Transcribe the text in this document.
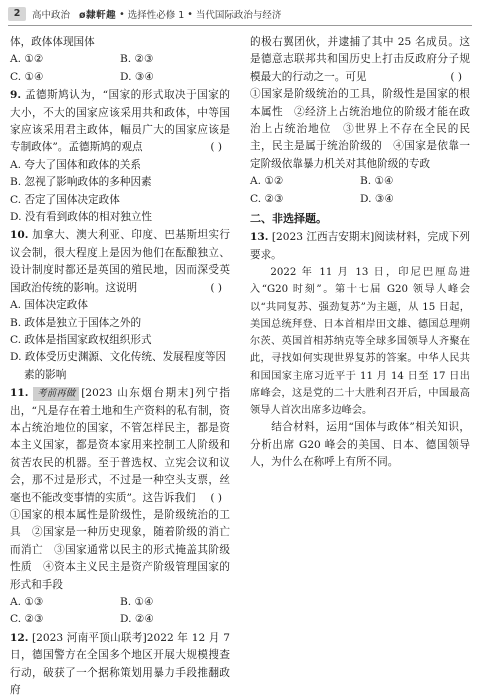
2	高中政治
ø隸軒趣 • 选择性必修 1 • 当代国际政治与经济

体，政体体现国体

A. ①②	B. ②③

C. ①④	D. ③④

9. 孟德斯鸠认为，“国家的形式取决于国家的大小，不大的国家应该采用共和政体，中等国家应该采用君主政体，幅员广大的国家应该是专制政体”。孟德斯鸠的观点	( )

A. 夸大了国体和政体的关系

B. 忽视了影响政体的多种因素

C. 否定了国体决定政体

D. 没有看到政体的相对独立性

10. 加拿大、澳大利亚、印度、巴基斯坦实行议会制，很大程度上是因为他们在酝酿独立、设计制度时都还是英国的殖民地，因而深受英国政治传统的影响。这说明	( )

A. 国体决定政体

B. 政体是独立于国体之外的

C. 政体是指国家政权组织形式

D. 政体受历史渊源、文化传统、发展程度等因素的影响

11. 考前再做 [2023 山东烟台期末]列宁指出，“凡是存在着土地和生产资料的私有制，资本占统治地位的国家，不管怎样民主，都是资本主义国家，都是资本家用来控制工人阶级和贫苦农民的机器。至于普选权、立宪会议和议会，那不过是形式，不过是一种空头支票，丝毫也不能改变事情的实质”。这告诉我们 ( )

①国家的根本属性是阶级性，是阶级统治的工具　②国家是一种历史现象，随着阶级的消亡而消亡　③国家通常以民主的形式掩盖其阶级性质　④资本主义民主是资产阶级管理国家的形式和手段

A. ①③	B. ①④

C. ②③	D. ②④

12. [2023 河南平顶山联考]2022 年 12 月 7 日，德国警方在全国多个地区开展大规模搜查行动，破获了一个据称策划用暴力手段推翻政府

的极右翼团伙，并逮捕了其中 25 名成员。这是德意志联邦共和国历史上打击反政府分子规模最大的行动之一。可见	( )

①国家是阶级统治的工具，阶级性是国家的根本属性　②经济上占统治地位的阶级才能在政治上占统治地位　③世界上不存在全民的民主，民主是属于统治阶级的　④国家是依靠一定阶级依靠暴力机关对其他阶级的专政

A. ①②	B. ①④

C. ②③	D. ③④

二、非选择题。

13. [2023 江西吉安期末]阅读材料，完成下列要求。

2022 年 11 月 13 日，印尼巴厘岛进入“G20 时刻”。第十七届 G20 领导人峰会以“共同复苏、强劲复苏”为主题，从 15 日起，美国总统拜登、日本首相岸田文雄、德国总理朔尔茨、英国首相苏纳克等全球多国领导人齐聚在此，寻找如何实现世界复苏的答案。中华人民共和国国家主席习近平于 11 月 14 日至 17 日出席峰会，这是党的二十大胜利召开后，中国最高领导人首次出席多边峰会。

结合材料，运用“国体与政体”相关知识，分析出席 G20 峰会的美国、日本、德国领导人，为什么在称呼上有所不同。
